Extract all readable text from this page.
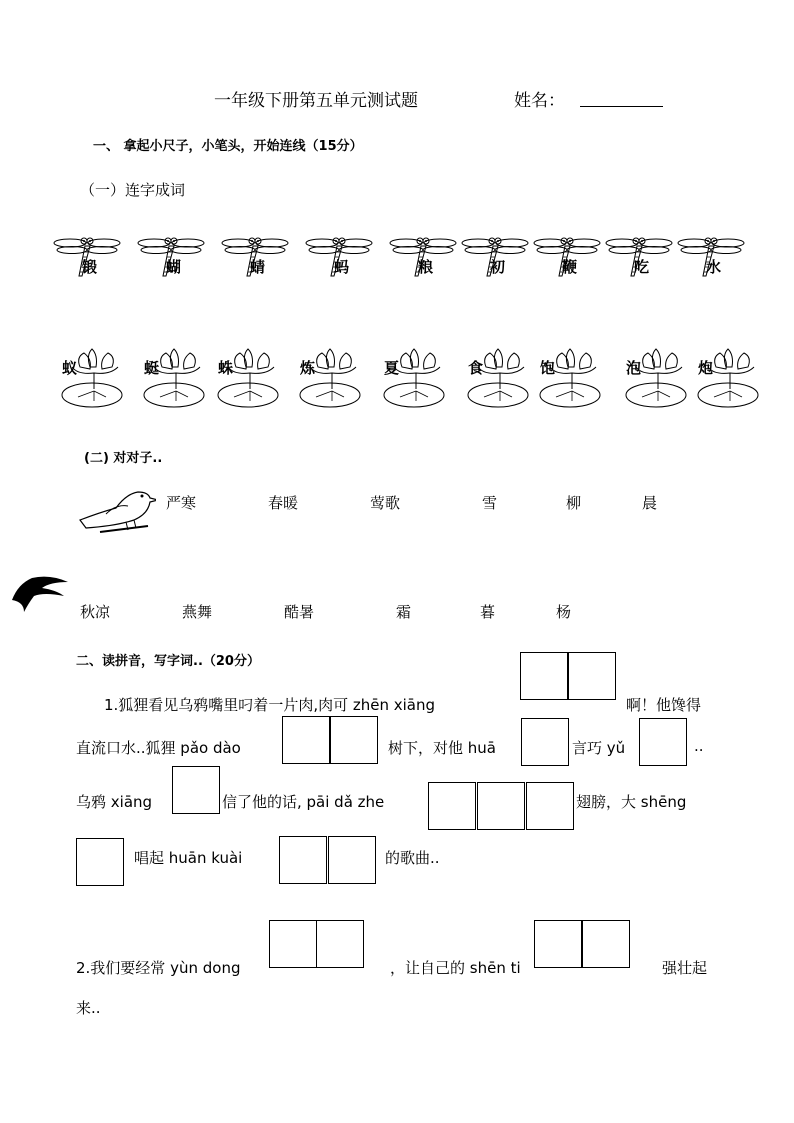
一年级下册第五单元测试题	姓名：
一、 拿起小尺子，小笔头，开始连线（15分）
（一）连字成词
锻	蝴	蜻	蚂	粮	初	鞭	吃	水
蚁	蜓	蛛	炼	夏	食	饱	泡	炮
(二) 对对子..
严寒	春暖	莺歌	雪	柳	晨
秋凉	燕舞	酷暑	霜	暮	杨
二、读拼音，写字词..（20分）
1.狐狸看见乌鸦嘴里叼着一片肉,肉可 zhēn xiāng	啊！他馋得
直流口水..狐狸 pǎo dào	树下，对他 huā	言巧 yǔ	..
乌鸦 xiāng	信了他的话, pāi dǎ zhe	翅膀，大 shēng
唱起 huān kuài	的歌曲..
2.我们要经常 yùn dong	，让自己的 shēn ti	强壮起
来..
